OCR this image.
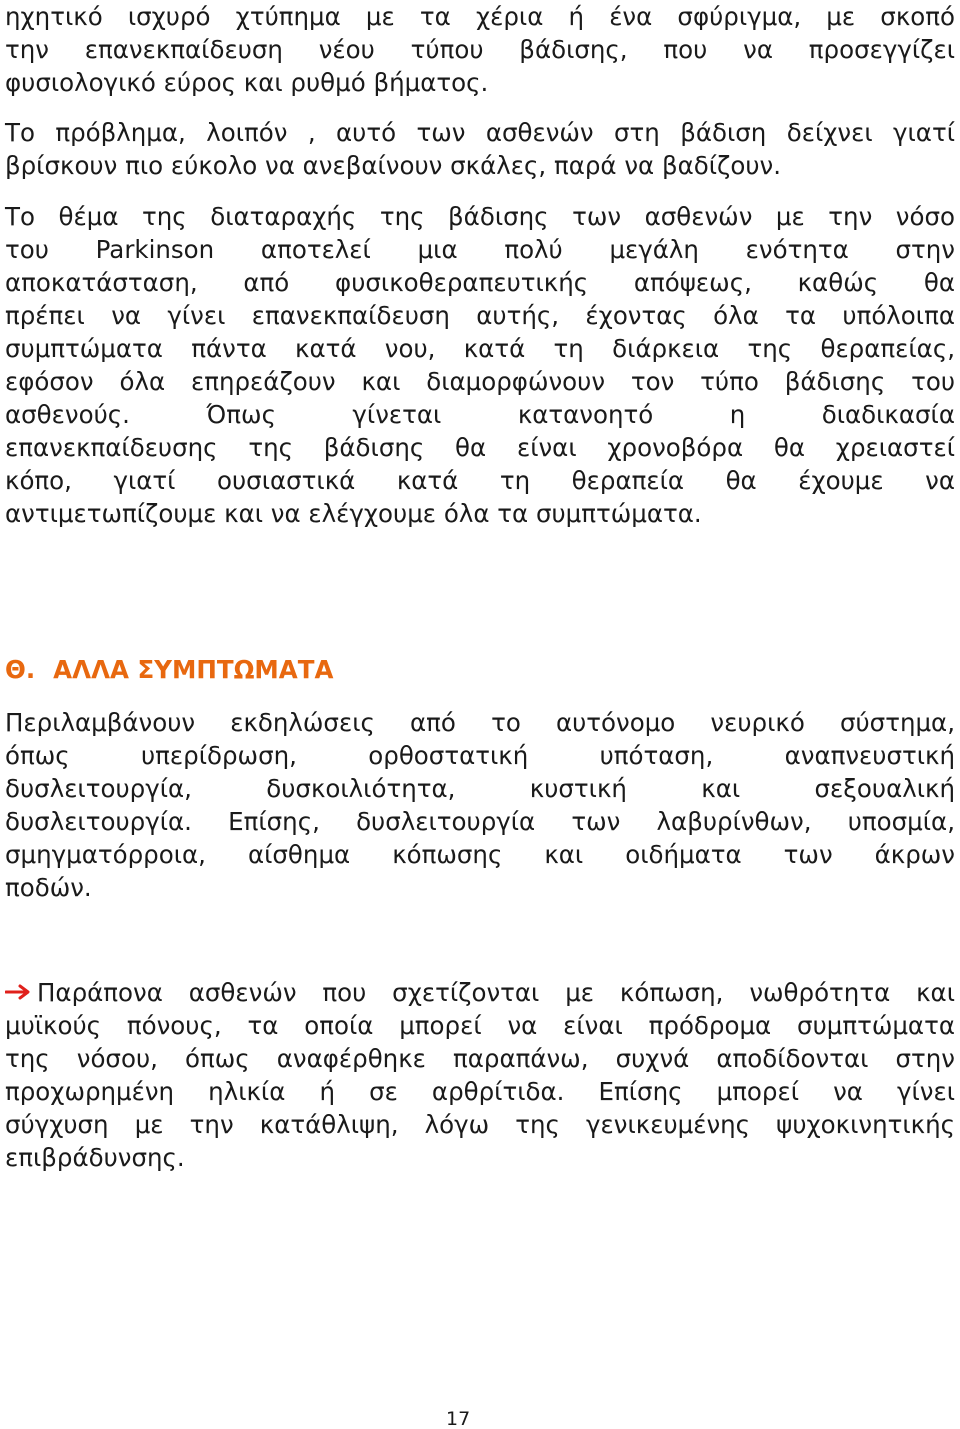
ηχητικό ισχυρό χτύπημα με τα χέρια ή ένα σφύριγμα, με σκοπό
την επανεκπαίδευση νέου τύπου βάδισης, που να προσεγγίζει
φυσιολογικό εύρος και ρυθμό βήματος.
Το πρόβλημα, λοιπόν , αυτό των ασθενών στη βάδιση δείχνει γιατί
βρίσκουν πιο εύκολο να ανεβαίνουν σκάλες, παρά να βαδίζουν.
Το θέμα της διαταραχής της βάδισης των ασθενών με την νόσο
του Parkinson αποτελεί μια πολύ μεγάλη ενότητα στην
αποκατάσταση, από φυσικοθεραπευτικής απόψεως, καθώς θα
πρέπει να γίνει επανεκπαίδευση αυτής, έχοντας όλα τα υπόλοιπα
συμπτώματα πάντα κατά νου, κατά τη διάρκεια της θεραπείας,
εφόσον όλα επηρεάζουν και διαμορφώνουν τον τύπο βάδισης του
ασθενούς. Όπως γίνεται κατανοητό η διαδικασία
επανεκπαίδευσης της βάδισης θα είναι χρονοβόρα θα χρειαστεί
κόπο, γιατί ουσιαστικά κατά τη θεραπεία θα έχουμε να
αντιμετωπίζουμε και να ελέγχουμε όλα τα συμπτώματα.
Θ. ΑΛΛΑ ΣΥΜΠΤΩΜΑΤΑ
Περιλαμβάνουν εκδηλώσεις από το αυτόνομο νευρικό σύστημα,
όπως υπερίδρωση, ορθοστατική υπόταση, αναπνευστική
δυσλειτουργία, δυσκοιλιότητα, κυστική και σεξουαλική
δυσλειτουργία. Επίσης, δυσλειτουργία των λαβυρίνθων, υποσμία,
σμηγματόρροια, αίσθημα κόπωσης και οιδήματα των άκρων
ποδών.
Παράπονα ασθενών που σχετίζονται με κόπωση, νωθρότητα και
μυϊκούς πόνους, τα οποία μπορεί να είναι πρόδρομα συμπτώματα
της νόσου, όπως αναφέρθηκε παραπάνω, συχνά αποδίδονται στην
προχωρημένη ηλικία ή σε αρθρίτιδα. Επίσης μπορεί να γίνει
σύγχυση με την κατάθλιψη, λόγω της γενικευμένης ψυχοκινητικής
επιβράδυνσης.
17
